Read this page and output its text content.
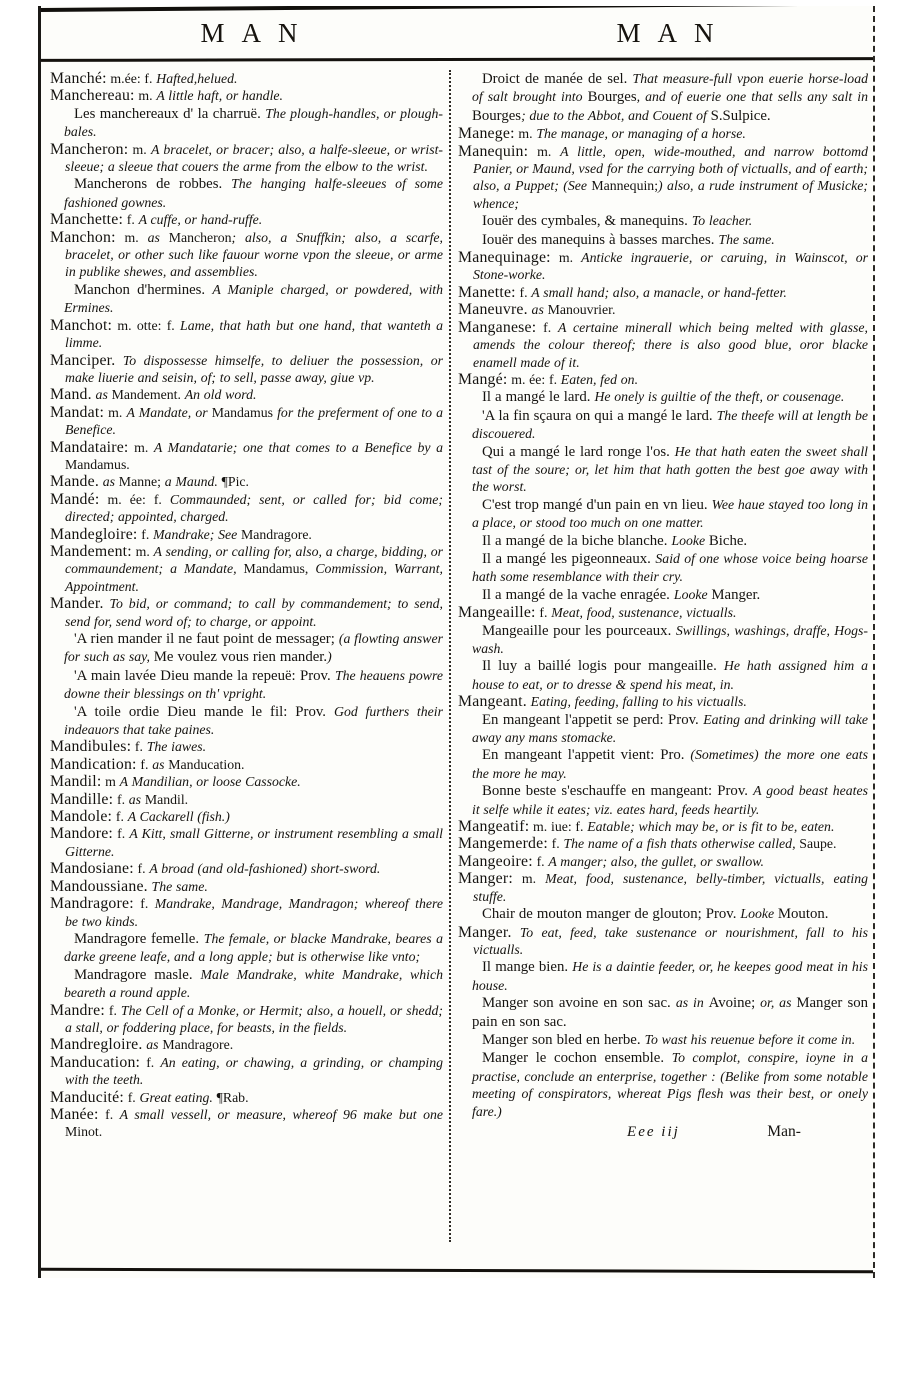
MAN	MAN

Manché: m.ée: f. Hafted,helued.

Manchereau: m. A little haft, or handle.

Les manchereaux d' la charruë. The plough-handles, or plough-bales.

Mancheron: m. A bracelet, or bracer; also, a halfe-sleeue, or wrist-sleeue; a sleeue that couers the arme from the elbow to the wrist.

Mancherons de robbes. The hanging halfe-sleeues of some fashioned gownes.

Manchette: f. A cuffe, or hand-ruffe.

Manchon: m. as Mancheron; also, a Snuffkin; also, a scarfe, bracelet, or other such like fauour worne vpon the sleeue, or arme in publike shewes, and assemblies.

Manchon d'hermines. A Maniple charged, or powdered, with Ermines.

Manchot: m. otte: f. Lame, that hath but one hand, that wanteth a limme.

Manciper. To dispossesse himselfe, to deliuer the possession, or make liuerie and seisin, of; to sell, passe away, giue vp.

Mand. as Mandement. An old word.

Mandat: m. A Mandate, or Mandamus for the preferment of one to a Benefice.

Mandataire: m. A Mandatarie; one that comes to a Benefice by a Mandamus.

Mande. as Manne; a Maund. ¶Pic.

Mandé: m. ée: f. Commaunded; sent, or called for; bid come; directed; appointed, charged.

Mandegloire: f. Mandrake; See Mandragore.

Mandement: m. A sending, or calling for, also, a charge, bidding, or commaundement; a Mandate, Mandamus, Commission, Warrant, Appointment.

Mander. To bid, or command; to call by commandement; to send, send for, send word of; to charge, or appoint.

'A rien mander il ne faut point de messager; (a flowting answer for such as say, Me voulez vous rien mander.)

'A main lavée Dieu mande la repeuë: Prov. The heauens powre downe their blessings on th' vpright.

'A toile ordie Dieu mande le fil: Prov. God furthers their indeauors that take paines.

Mandibules: f. The iawes.

Mandication: f. as Manducation.

Mandil: m A Mandilian, or loose Cassocke.

Mandille: f. as Mandil.

Mandole: f. A Cackarell (fish.)

Mandore: f. A Kitt, small Gitterne, or instrument resembling a small Gitterne.

Mandosiane: f. A broad (and old-fashioned) short-sword.

Mandoussiane. The same.

Mandragore: f. Mandrake, Mandrage, Mandragon; whereof there be two kinds.

Mandragore femelle. The female, or blacke Mandrake, beares a darke greene leafe, and a long apple; but is otherwise like vnto;

Mandragore masle. Male Mandrake, white Mandrake, which beareth a round apple.

Mandre: f. The Cell of a Monke, or Hermit; also, a houell, or shedd; a stall, or foddering place, for beasts, in the fields.

Mandregloire. as Mandragore.

Manducation: f. An eating, or chawing, a grinding, or champing with the teeth.

Manducité: f. Great eating. ¶Rab.

Manée: f. A small vessell, or measure, whereof 96 make but one Minot.

Droict de manée de sel. That measure-full vpon euerie horse-load of salt brought into Bourges, and of euerie one that sells any salt in Bourges; due to the Abbot, and Couent of S.Sulpice.

Manege: m. The manage, or managing of a horse.

Manequin: m. A little, open, wide-mouthed, and narrow bottomd Panier, or Maund, vsed for the carrying both of victualls, and of earth; also, a Puppet; (See Mannequin;) also, a rude instrument of Musicke; whence;

Iouër des cymbales, & manequins. To leacher.

Iouër des manequins à basses marches. The same.

Manequinage: m. Anticke ingrauerie, or caruing, in Wainscot, or Stone-worke.

Manette: f. A small hand; also, a manacle, or hand-fetter.

Maneuvre. as Manouvrier.

Manganese: f. A certaine minerall which being melted with glasse, amends the colour thereof; there is also good blue, oror blacke enamell made of it.

Mangé: m. ée: f. Eaten, fed on.

Il a mangé le lard. He onely is guiltie of the theft, or cousenage.

'A la fin sçaura on qui a mangé le lard. The theefe will at length be discouered.

Qui a mangé le lard ronge l'os. He that hath eaten the sweet shall tast of the soure; or, let him that hath gotten the best goe away with the worst.

C'est trop mangé d'un pain en vn lieu. Wee haue stayed too long in a place, or stood too much on one matter.

Il a mangé de la biche blanche. Looke Biche.

Il a mangé les pigeonneaux. Said of one whose voice being hoarse hath some resemblance with their cry.

Il a mangé de la vache enragée. Looke Manger.

Mangeaille: f. Meat, food, sustenance, victualls.

Mangeaille pour les pourceaux. Swillings, washings, draffe, Hogs-wash.

Il luy a baillé logis pour mangeaille. He hath assigned him a house to eat, or to dresse & spend his meat, in.

Mangeant. Eating, feeding, falling to his victualls.

En mangeant l'appetit se perd: Prov. Eating and drinking will take away any mans stomacke.

En mangeant l'appetit vient: Pro. (Sometimes) the more one eats the more he may.

Bonne beste s'eschauffe en mangeant: Prov. A good beast heates it selfe while it eates; viz. eates hard, feeds heartily.

Mangeatif: m. iue: f. Eatable; which may be, or is fit to be, eaten.

Mangemerde: f. The name of a fish thats otherwise called, Saupe.

Mangeoire: f. A manger; also, the gullet, or swallow.

Manger: m. Meat, food, sustenance, belly-timber, victualls, eating stuffe.

Chair de mouton manger de glouton; Prov. Looke Mouton.

Manger. To eat, feed, take sustenance or nourishment, fall to his victualls.

Il mange bien. He is a daintie feeder, or, he keepes good meat in his house.

Manger son avoine en son sac. as in Avoine; or, as Manger son pain en son sac.

Manger son bled en herbe. To wast his reuenue before it come in.

Manger le cochon ensemble. To complot, conspire, ioyne in a practise, conclude an enterprise, together : (Belike from some notable meeting of conspirators, whereat Pigs flesh was their best, or onely fare.)

Eee iij	Man-
